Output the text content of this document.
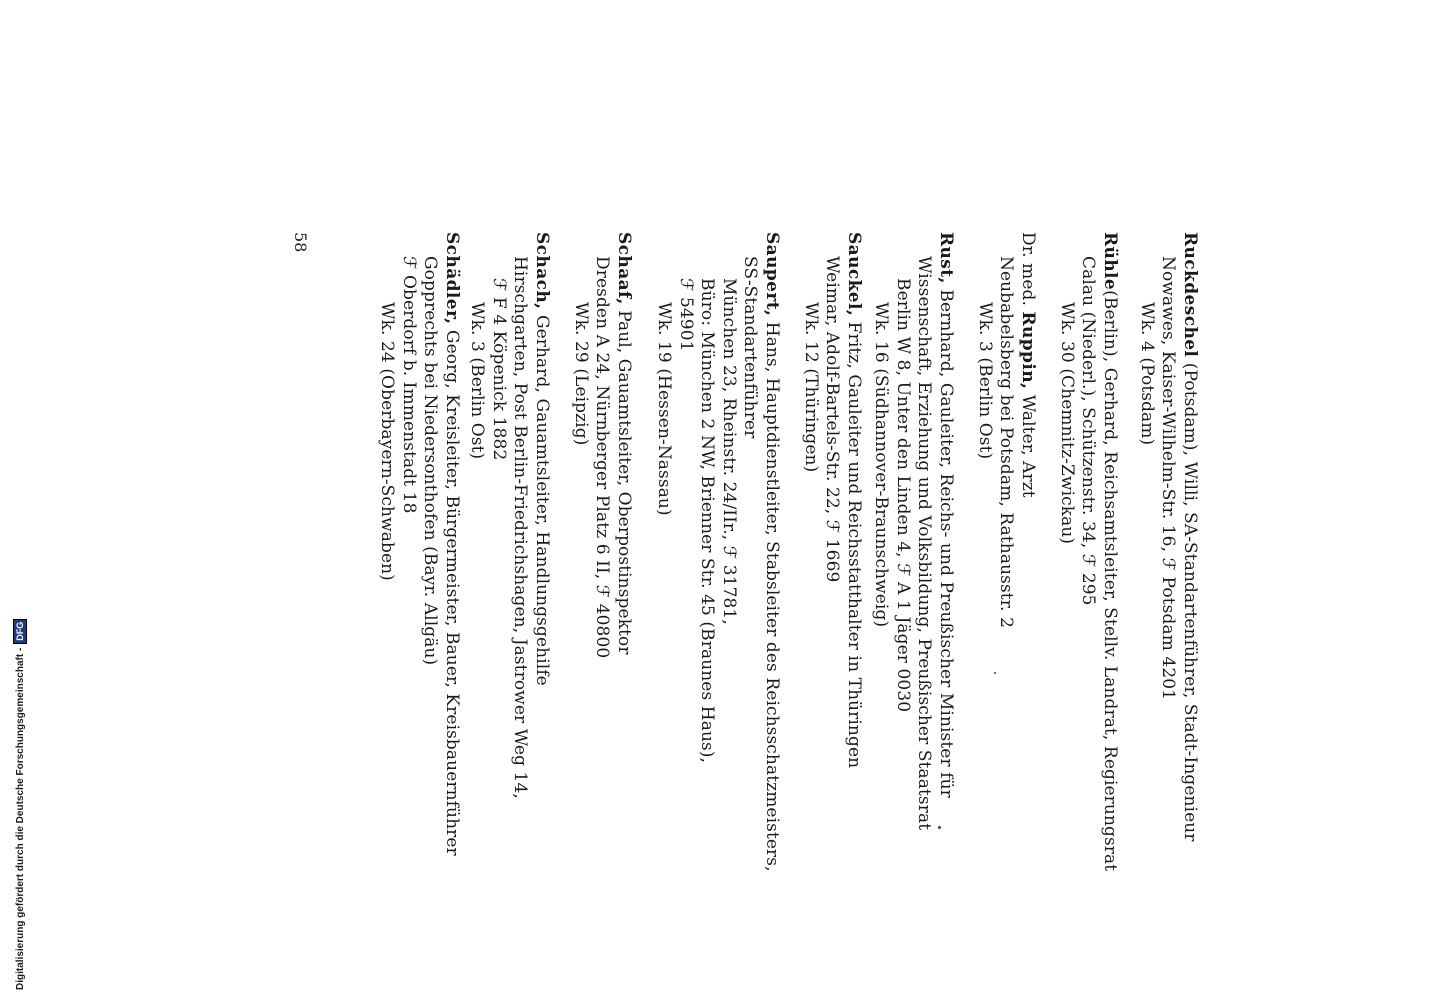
Ruckdeschel (Potsdam), Willi, SA-Standartenführer, Stadt-Ingenieur
Nowawes, Kaiser-Wilhelm-Str. 16, ℱ Potsdam 4201
Wk. 4 (Potsdam)
Rühle(Berlin), Gerhard, Reichsamtsleiter, Stellv. Landrat, Regierungsrat
Calau (Niederl.), Schützenstr. 34, ℱ 295
Wk. 30 (Chemnitz-Zwickau)
Dr. med. Ruppin, Walter, Arzt
Neubabelsberg bei Potsdam, Rathausstr. 2
Wk. 3 (Berlin Ost)
Rust, Bernhard, Gauleiter, Reichs- und Preußischer Minister für
Wissenschaft, Erziehung und Volksbildung, Preußischer Staatsrat
Berlin W 8, Unter den Linden 4, ℱ A 1 Jäger 0030
Wk. 16 (Südhannover-Braunschweig)
Sauckel, Fritz, Gauleiter und Reichsstatthalter in Thüringen
Weimar, Adolf-Bartels-Str. 22, ℱ 1669
Wk. 12 (Thüringen)
Saupert, Hans, Hauptdienstleiter, Stabsleiter des Reichsschatzmeisters,
SS-Standartenführer
München 23, Rheinstr. 24/IIr., ℱ 31781,
Büro: München 2 NW, Brienner Str. 45 (Braunes Haus),
ℱ 54901
Wk. 19 (Hessen-Nassau)
Schaaf, Paul, Gauamtsleiter, Oberpostinspektor
Dresden A 24, Nürnberger Platz 6 II, ℱ 40800
Wk. 29 (Leipzig)
Schach, Gerhard, Gauamtsleiter, Handlungsgehilfe
Hirschgarten, Post Berlin-Friedrichshagen, Jastrower Weg 14,
ℱ F 4 Köpenick 1882
Wk. 3 (Berlin Ost)
Schädler, Georg, Kreisleiter, Bürgermeister, Bauer, Kreisbauernführer
Gopprechts bei Niedersonthofen (Bayr. Allgäu)
ℱ Oberdorf b. Immenstadt 18
Wk. 24 (Oberbayern-Schwaben)
58
Digitalisierung gefördert durch die Deutsche Forschungsgemeinschaft -
DFG
